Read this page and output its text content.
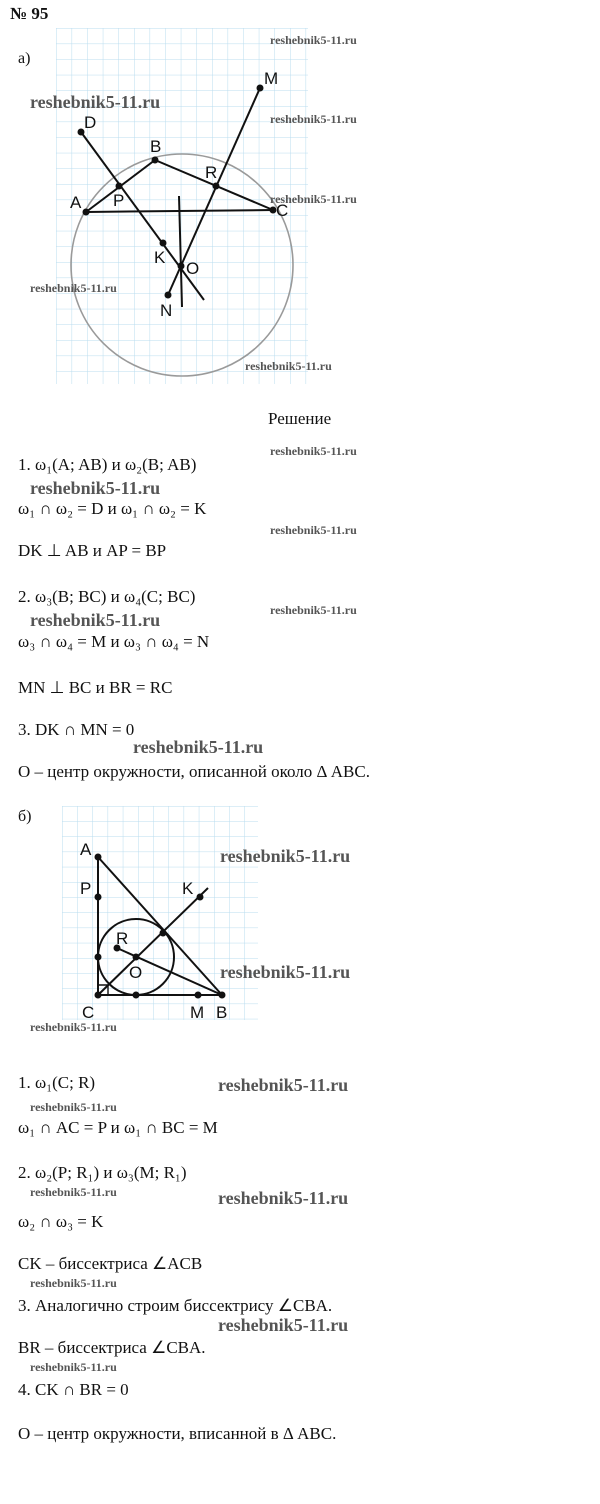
№ 95
а)
A
B
C
D
P
R
M
K
O
N
reshebnik5-11.ru
reshebnik5-11.ru
reshebnik5-11.ru
reshebnik5-11.ru
reshebnik5-11.ru
reshebnik5-11.ru
Решение
reshebnik5-11.ru
1. ω₁(A; AB) и ω₂(B; AB)
reshebnik5-11.ru
ω₁ ∩ ω₂ = D и ω₁ ∩ ω₂ = K
reshebnik5-11.ru
DK ⊥ AB и AP = BP
2. ω₃(B; BC) и ω₄(C; BC)
reshebnik5-11.ru
reshebnik5-11.ru
ω₃ ∩ ω₄ = M и ω₃ ∩ ω₄ = N
MN ⊥ BC и BR = RC
3. DK ∩ MN = 0
reshebnik5-11.ru
O – центр окружности, описанной около Δ ABC.
б)
A
P	K
R
O
C	M B
reshebnik5-11.ru
reshebnik5-11.ru
reshebnik5-11.ru
1. ω₁(C; R)	reshebnik5-11.ru
reshebnik5-11.ru
ω₁ ∩ AC = P и ω₁ ∩ BC = M
2. ω₂(P; R₁) и ω₃(M; R₁)
reshebnik5-11.ru	reshebnik5-11.ru
ω₂ ∩ ω₃ = K
CK – биссектриса ∠ACB
reshebnik5-11.ru
3. Аналогично строим биссектрису ∠CBA.
reshebnik5-11.ru
BR – биссектриса ∠CBA.
reshebnik5-11.ru
4. CK ∩ BR = 0
O – центр окружности, вписанной в Δ ABC.
